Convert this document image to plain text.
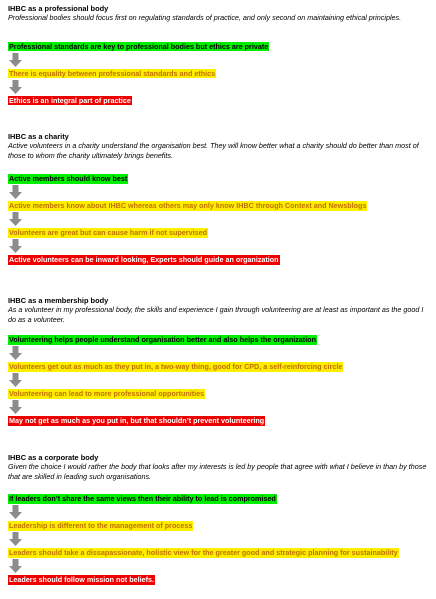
IHBC as a professional body

Professional bodies should focus first on regulating standards of practice, and only second on maintaining ethical principles.

Professional standards are key to professional bodies but ethics are private
There is equality between professional standards and ethics
Ethics is an integral part of practice

IHBC as a charity

Active volunteers in a charity understand the organisation best. They will know better what a charity should do better than most of those to whom the charity ultimately brings benefits.

Active members should know best
Active members know about IHBC whereas others may only know IHBC through Context and Newsblogs
Volunteers are great but can cause harm if not supervised
Active volunteers can be inward looking, Experts should guide an organization

IHBC as a membership body

As a volunteer in my professional body, the skills and experience I gain through volunteering are at least as important as the good I do as a volunteer.

Volunteering helps people understand organisation better and also helps the organization
Volunteers get out as much as they put in, a two-way thing, good for CPD, a self-reinforcing circle
Volunteering can lead to more professional opportunities
May not get as much as you put in, but that shouldn’t prevent volunteering

IHBC as a corporate body

Given the choice I would rather the body that looks after my interests is led by people that agree with what I believe in than by those that are skilled in leading such organisations.

If leaders don’t share the same views then their ability to lead is compromised
Leadership is different to the management of process
Leaders should take a dissapassionate, holistic view for the greater good and strategic planning for sustainability
Leaders should follow mission not beliefs.
